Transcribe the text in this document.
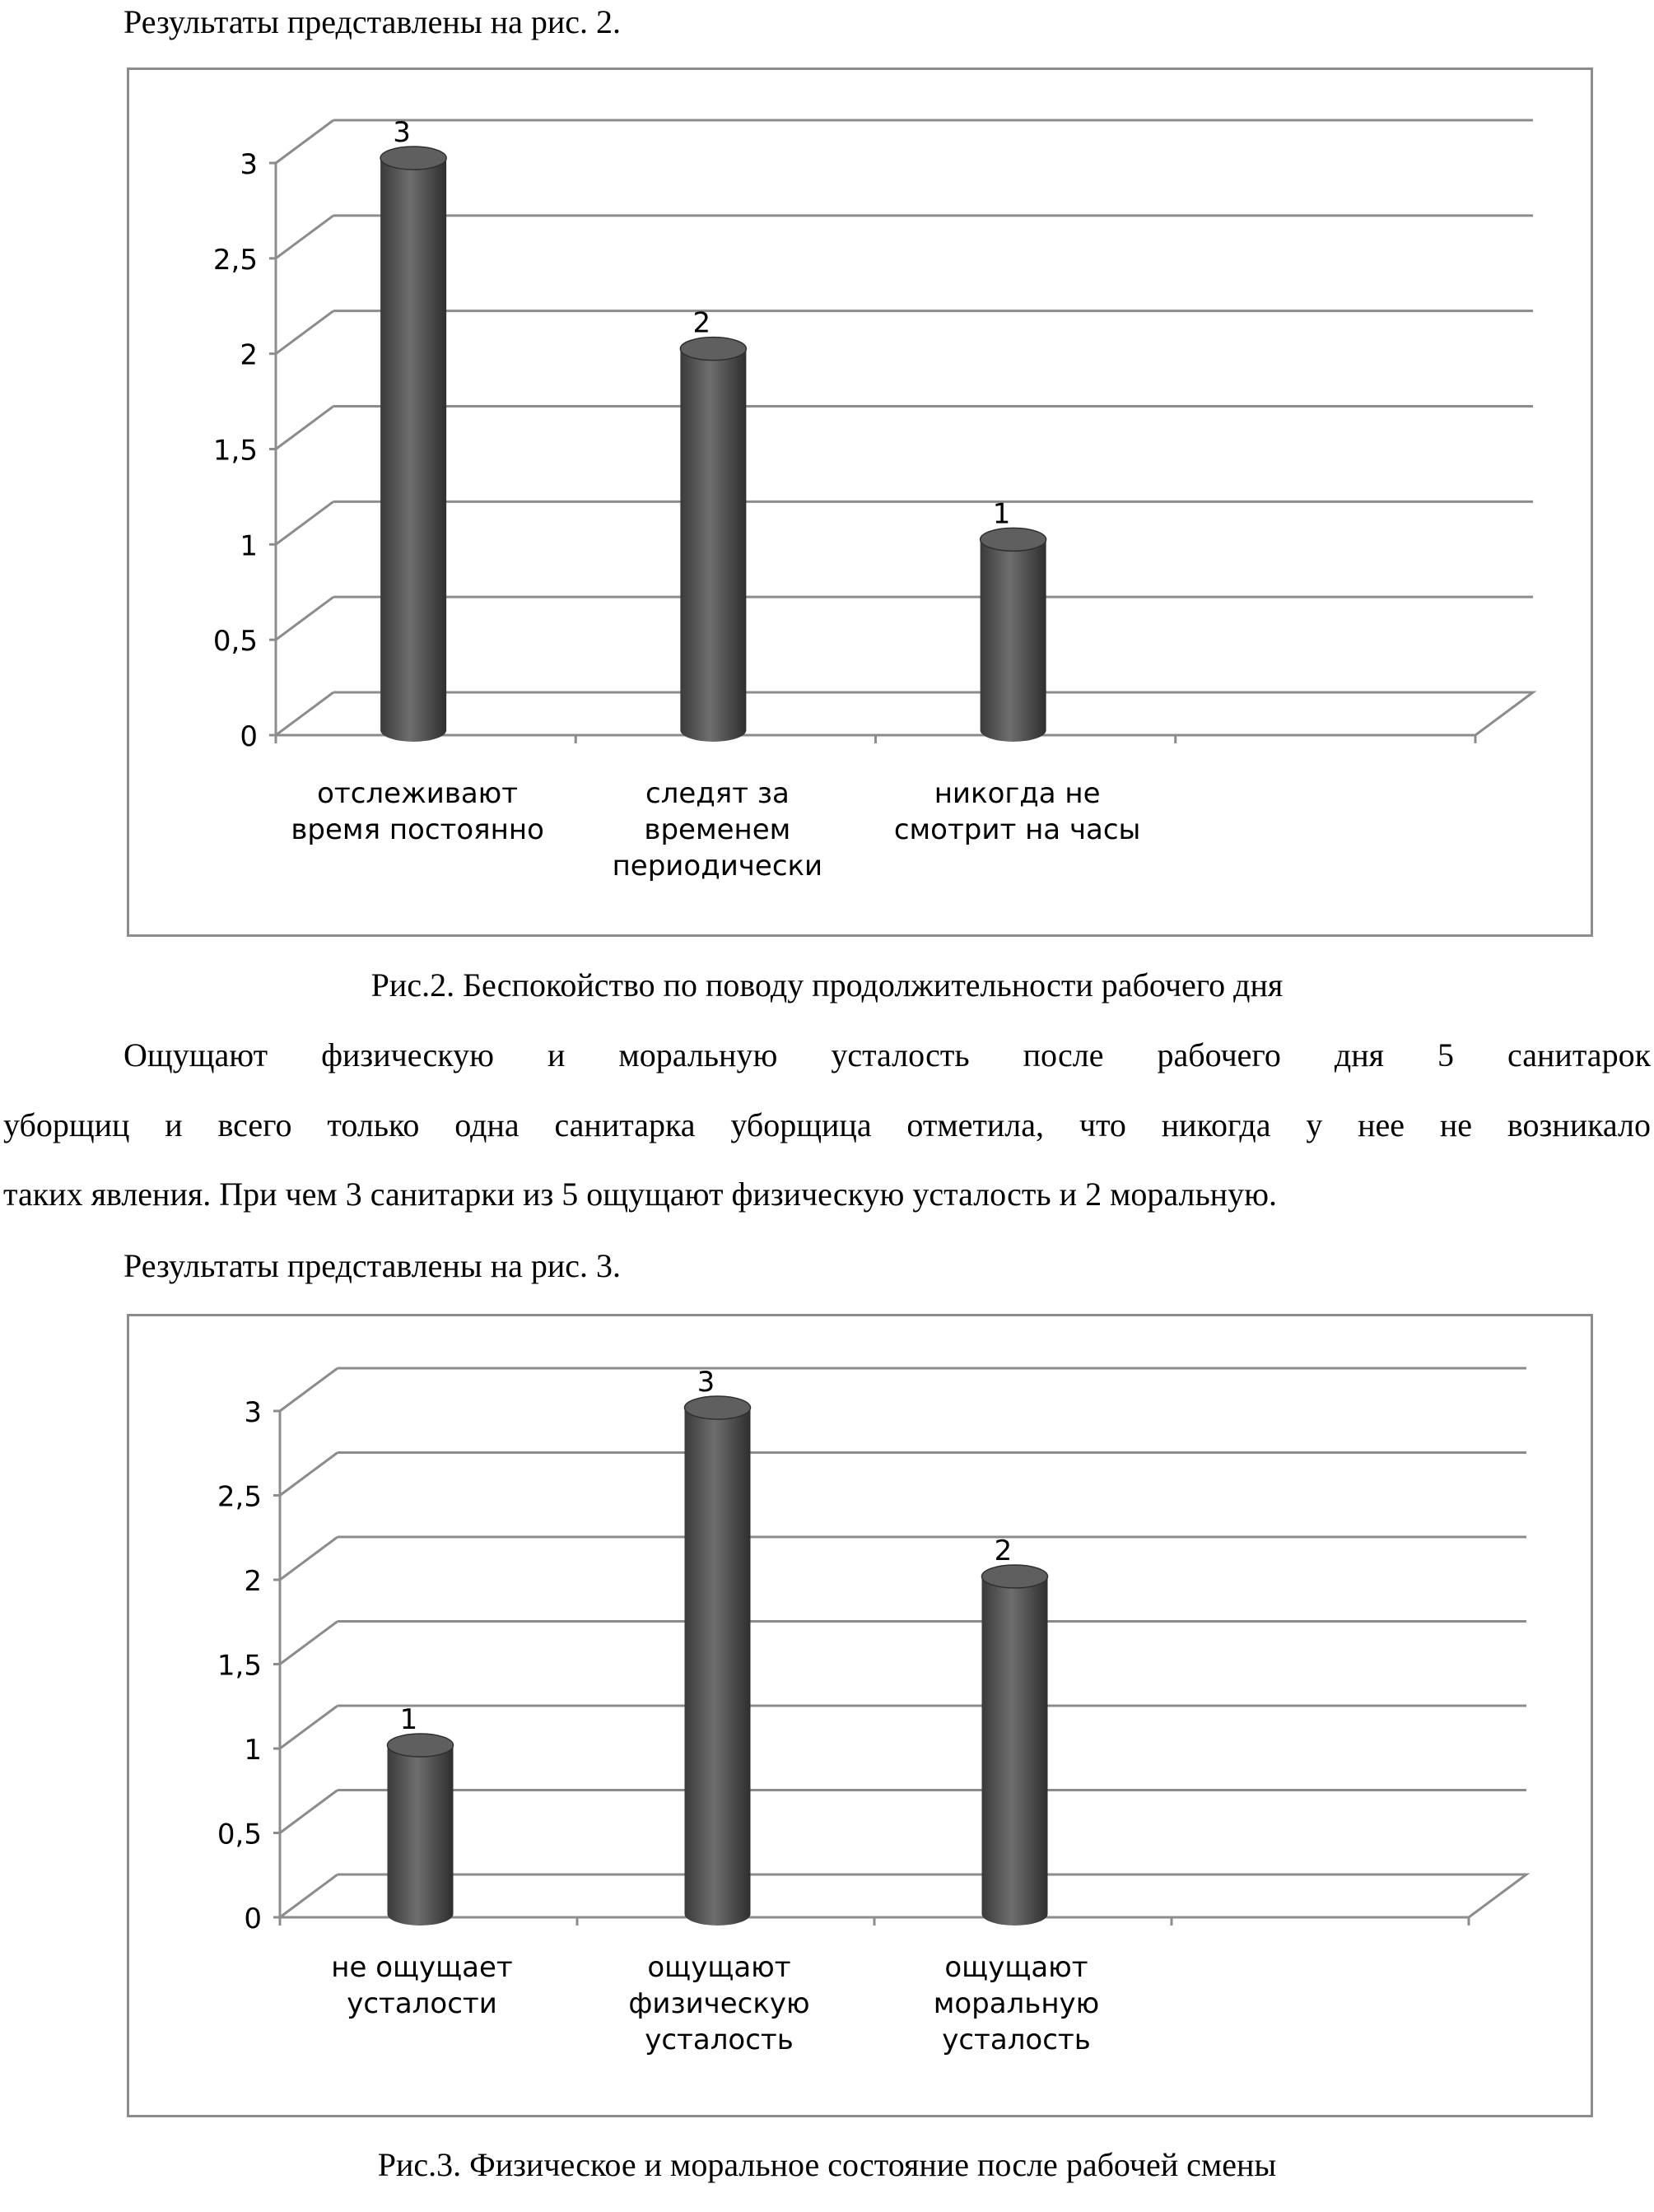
Результаты представлены на рис. 2.
0
0,5
1
1,5
2
2,5
3
отслеживают
время постоянно
следят за
временем
периодически
никогда не
смотрит на часы
3
2
1
Рис.2. Беспокойство по поводу продолжительности рабочего дня
Ощущают физическую и моральную усталость после рабочего дня 5 санитарок
уборщиц и всего только одна санитарка уборщица отметила, что никогда у нее не возникало
таких явления. При чем 3 санитарки из 5 ощущают физическую усталость и 2 моральную.
Результаты представлены на рис. 3.
0
0,5
1
1,5
2
2,5
3
не ощущает
усталости
ощущают
физическую
усталость
ощущают
моральную
усталость
1
3
2
Рис.3. Физическое и моральное состояние после рабочей смены
